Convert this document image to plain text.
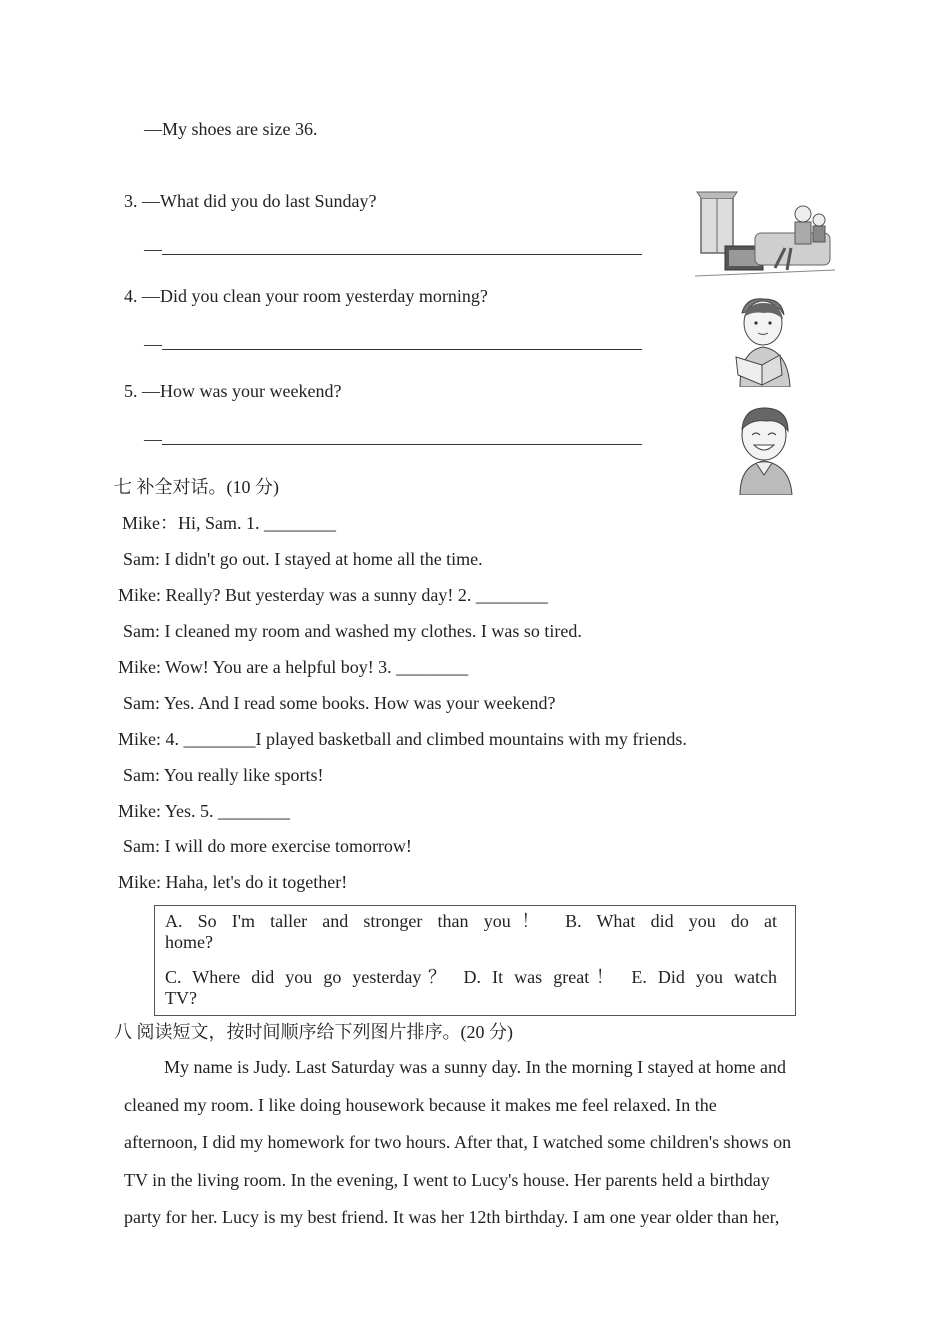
—My shoes are size 36.
3. —What did you do last Sunday?
—
4. —Did you clean your room yesterday morning?
—
5. —How was your weekend?
—
七 补全对话。(10 分)
Mike：Hi, Sam. 1. ________
Sam: I didn't go out. I stayed at home all the time.
Mike: Really? But yesterday was a sunny day! 2. ________
Sam: I cleaned my room and washed my clothes. I was so tired.
Mike: Wow! You are a helpful boy! 3. ________
Sam: Yes. And I read some books. How was your weekend?
Mike: 4. ________I played basketball and climbed mountains with my friends.
Sam: You really like sports!
Mike: Yes. 5. ________
Sam: I will do more exercise tomorrow!
Mike: Haha, let's do it together!
A. So I'm taller and stronger than you！ B. What did you do at
home?
C. Where did you go yesterday？ D. It was great！ E. Did you watch
TV?
八 阅读短文，按时间顺序给下列图片排序。(20 分)
My name is Judy. Last Saturday was a sunny day. In the morning I stayed at home and
cleaned my room. I like doing housework because it makes me feel relaxed. In the
afternoon, I did my homework for two hours. After that, I watched some children's shows on
TV in the living room. In the evening, I went to Lucy's house. Her parents held a birthday
party for her. Lucy is my best friend. It was her 12th birthday. I am one year older than her,
